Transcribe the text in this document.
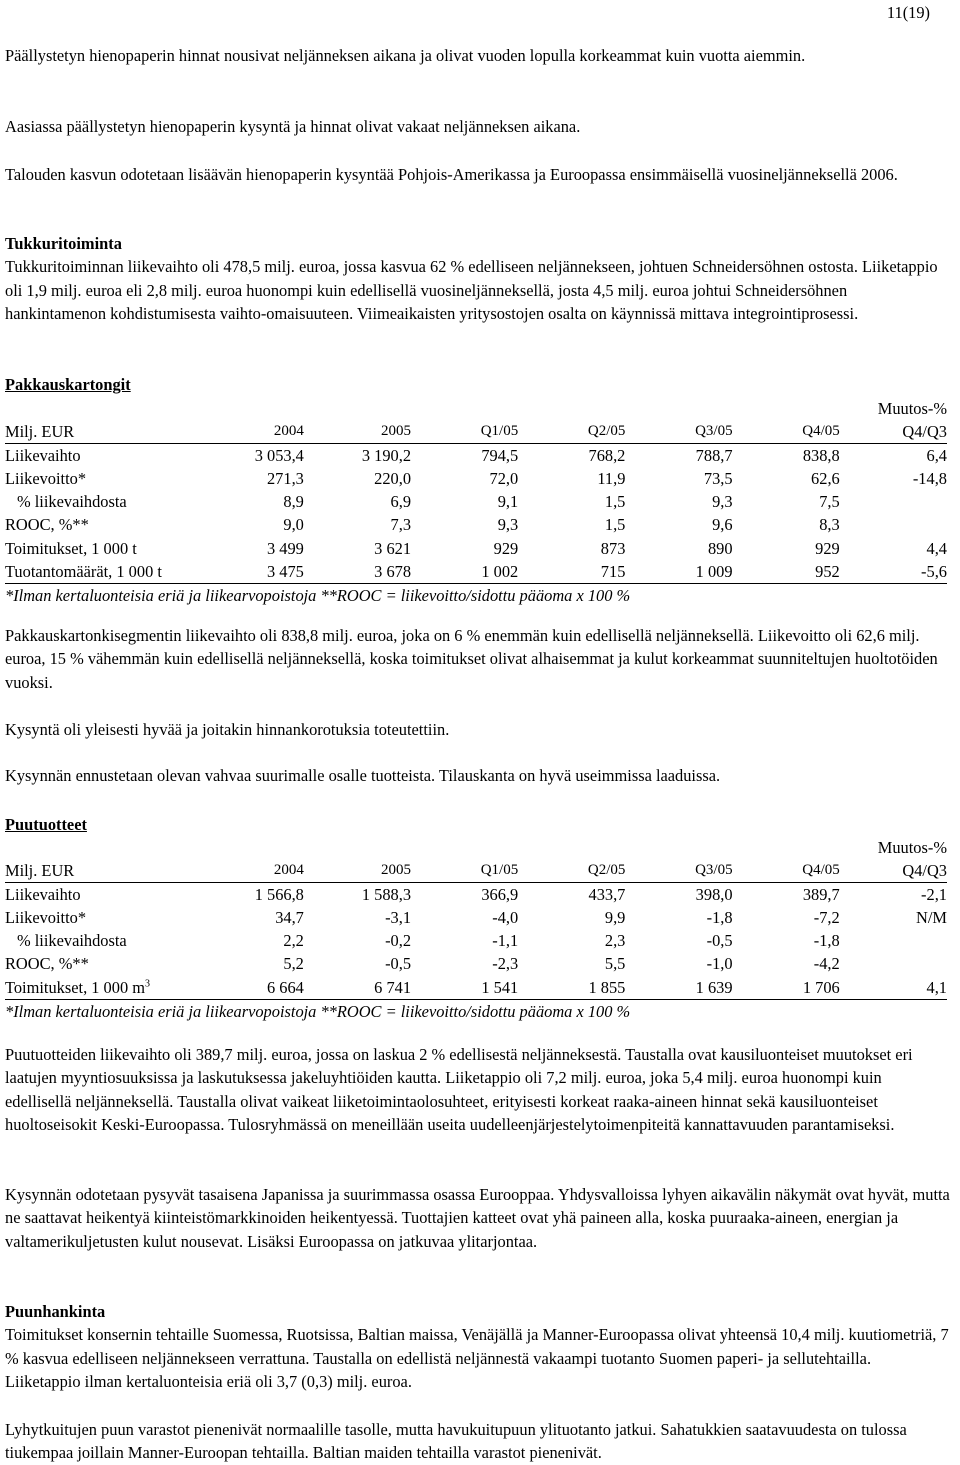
11(19)

Päällystetyn hienopaperin hinnat nousivat neljänneksen aikana ja olivat vuoden lopulla korkeammat kuin vuotta aiemmin.

Aasiassa päällystetyn hienopaperin kysyntä ja hinnat olivat vakaat neljänneksen aikana.

Talouden kasvun odotetaan lisäävän hienopaperin kysyntää Pohjois-Amerikassa ja Euroopassa ensimmäisellä vuosineljänneksellä 2006.

Tukkuritoiminta

Tukkuritoiminnan liikevaihto oli 478,5 milj. euroa, jossa kasvua 62 % edelliseen neljännekseen, johtuen Schneidersöhnen ostosta. Liiketappio oli 1,9 milj. euroa eli 2,8 milj. euroa huonompi kuin edellisellä vuosineljänneksellä, josta 4,5 milj. euroa johtui Schneidersöhnen hankintamenon kohdistumisesta vaihto-omaisuuteen. Viimeaikaisten yritysostojen osalta on käynnissä mittava integrointiprosessi.

Pakkauskartongit
							Muutos-%
Milj. EUR	2004	2005	Q1/05	Q2/05	Q3/05	Q4/05	Q4/Q3
Liikevaihto	3 053,4	3 190,2	794,5	768,2	788,7	838,8	6,4
Liikevoitto*	271,3	220,0	72,0	11,9	73,5	62,6	-14,8
% liikevaihdosta	8,9	6,9	9,1	1,5	9,3	7,5	
ROOC, %**	9,0	7,3	9,3	1,5	9,6	8,3	
Toimitukset, 1 000 t	3 499	3 621	929	873	890	929	4,4
Tuotantomäärät, 1 000 t	3 475	3 678	1 002	715	1 009	952	-5,6

*Ilman kertaluonteisia eriä ja liikearvopoistoja **ROOC = liikevoitto/sidottu pääoma x 100 %

Pakkauskartonkisegmentin liikevaihto oli 838,8 milj. euroa, joka on 6 % enemmän kuin edellisellä neljänneksellä. Liikevoitto oli 62,6 milj. euroa, 15 % vähemmän kuin edellisellä neljänneksellä, koska toimitukset olivat alhaisemmat ja kulut korkeammat suunniteltujen huoltotöiden vuoksi.

Kysyntä oli yleisesti hyvää ja joitakin hinnankorotuksia toteutettiin.

Kysynnän ennustetaan olevan vahvaa suurimalle osalle tuotteista. Tilauskanta on hyvä useimmissa laaduissa.

Puutuotteet
							Muutos-%
Milj. EUR	2004	2005	Q1/05	Q2/05	Q3/05	Q4/05	Q4/Q3
Liikevaihto	1 566,8	1 588,3	366,9	433,7	398,0	389,7	-2,1
Liikevoitto*	34,7	-3,1	-4,0	9,9	-1,8	-7,2	N/M
% liikevaihdosta	2,2	-0,2	-1,1	2,3	-0,5	-1,8	
ROOC, %**	5,2	-0,5	-2,3	5,5	-1,0	-4,2	
Toimitukset, 1 000 $m^3$	6 664	6 741	1 541	1 855	1 639	1 706	4,1

*Ilman kertaluonteisia eriä ja liikearvopoistoja **ROOC = liikevoitto/sidottu pääoma x 100 %

Puutuotteiden liikevaihto oli 389,7 milj. euroa, jossa on laskua 2 % edellisestä neljänneksestä. Taustalla ovat kausiluonteiset muutokset eri laatujen myyntiosuuksissa ja laskutuksessa jakeluyhtiöiden kautta. Liiketappio oli 7,2 milj. euroa, joka 5,4 milj. euroa huonompi kuin edellisellä neljänneksellä. Taustalla olivat vaikeat liiketoimintaolosuhteet, erityisesti korkeat raaka-aineen hinnat sekä kausiluonteiset huoltoseisokit Keski-Euroopassa. Tulosryhmässä on meneillään useita uudelleenjärjestelytoimenpiteitä kannattavuuden parantamiseksi.

Kysynnän odotetaan pysyvät tasaisena Japanissa ja suurimmassa osassa Eurooppaa. Yhdysvalloissa lyhyen aikavälin näkymät ovat hyvät, mutta ne saattavat heikentyä kiinteistömarkkinoiden heikentyessä. Tuottajien katteet ovat yhä paineen alla, koska puuraaka-aineen, energian ja valtamerikuljetusten kulut nousevat. Lisäksi Euroopassa on jatkuvaa ylitarjontaa.

Puunhankinta

Toimitukset konsernin tehtaille Suomessa, Ruotsissa, Baltian maissa, Venäjällä ja Manner-Euroopassa olivat yhteensä 10,4 milj. kuutiometriä, 7 % kasvua edelliseen neljännekseen verrattuna. Taustalla on edellistä neljännestä vakaampi tuotanto Suomen paperi- ja sellutehtailla. Liiketappio ilman kertaluonteisia eriä oli 3,7 (0,3) milj. euroa.

Lyhytkuitujen puun varastot pienenivät normaalille tasolle, mutta havukuitupuun ylituotanto jatkui. Sahatukkien saatavuudesta on tulossa tiukempaa joillain Manner-Euroopan tehtailla. Baltian maiden tehtailla varastot pienenivät.
